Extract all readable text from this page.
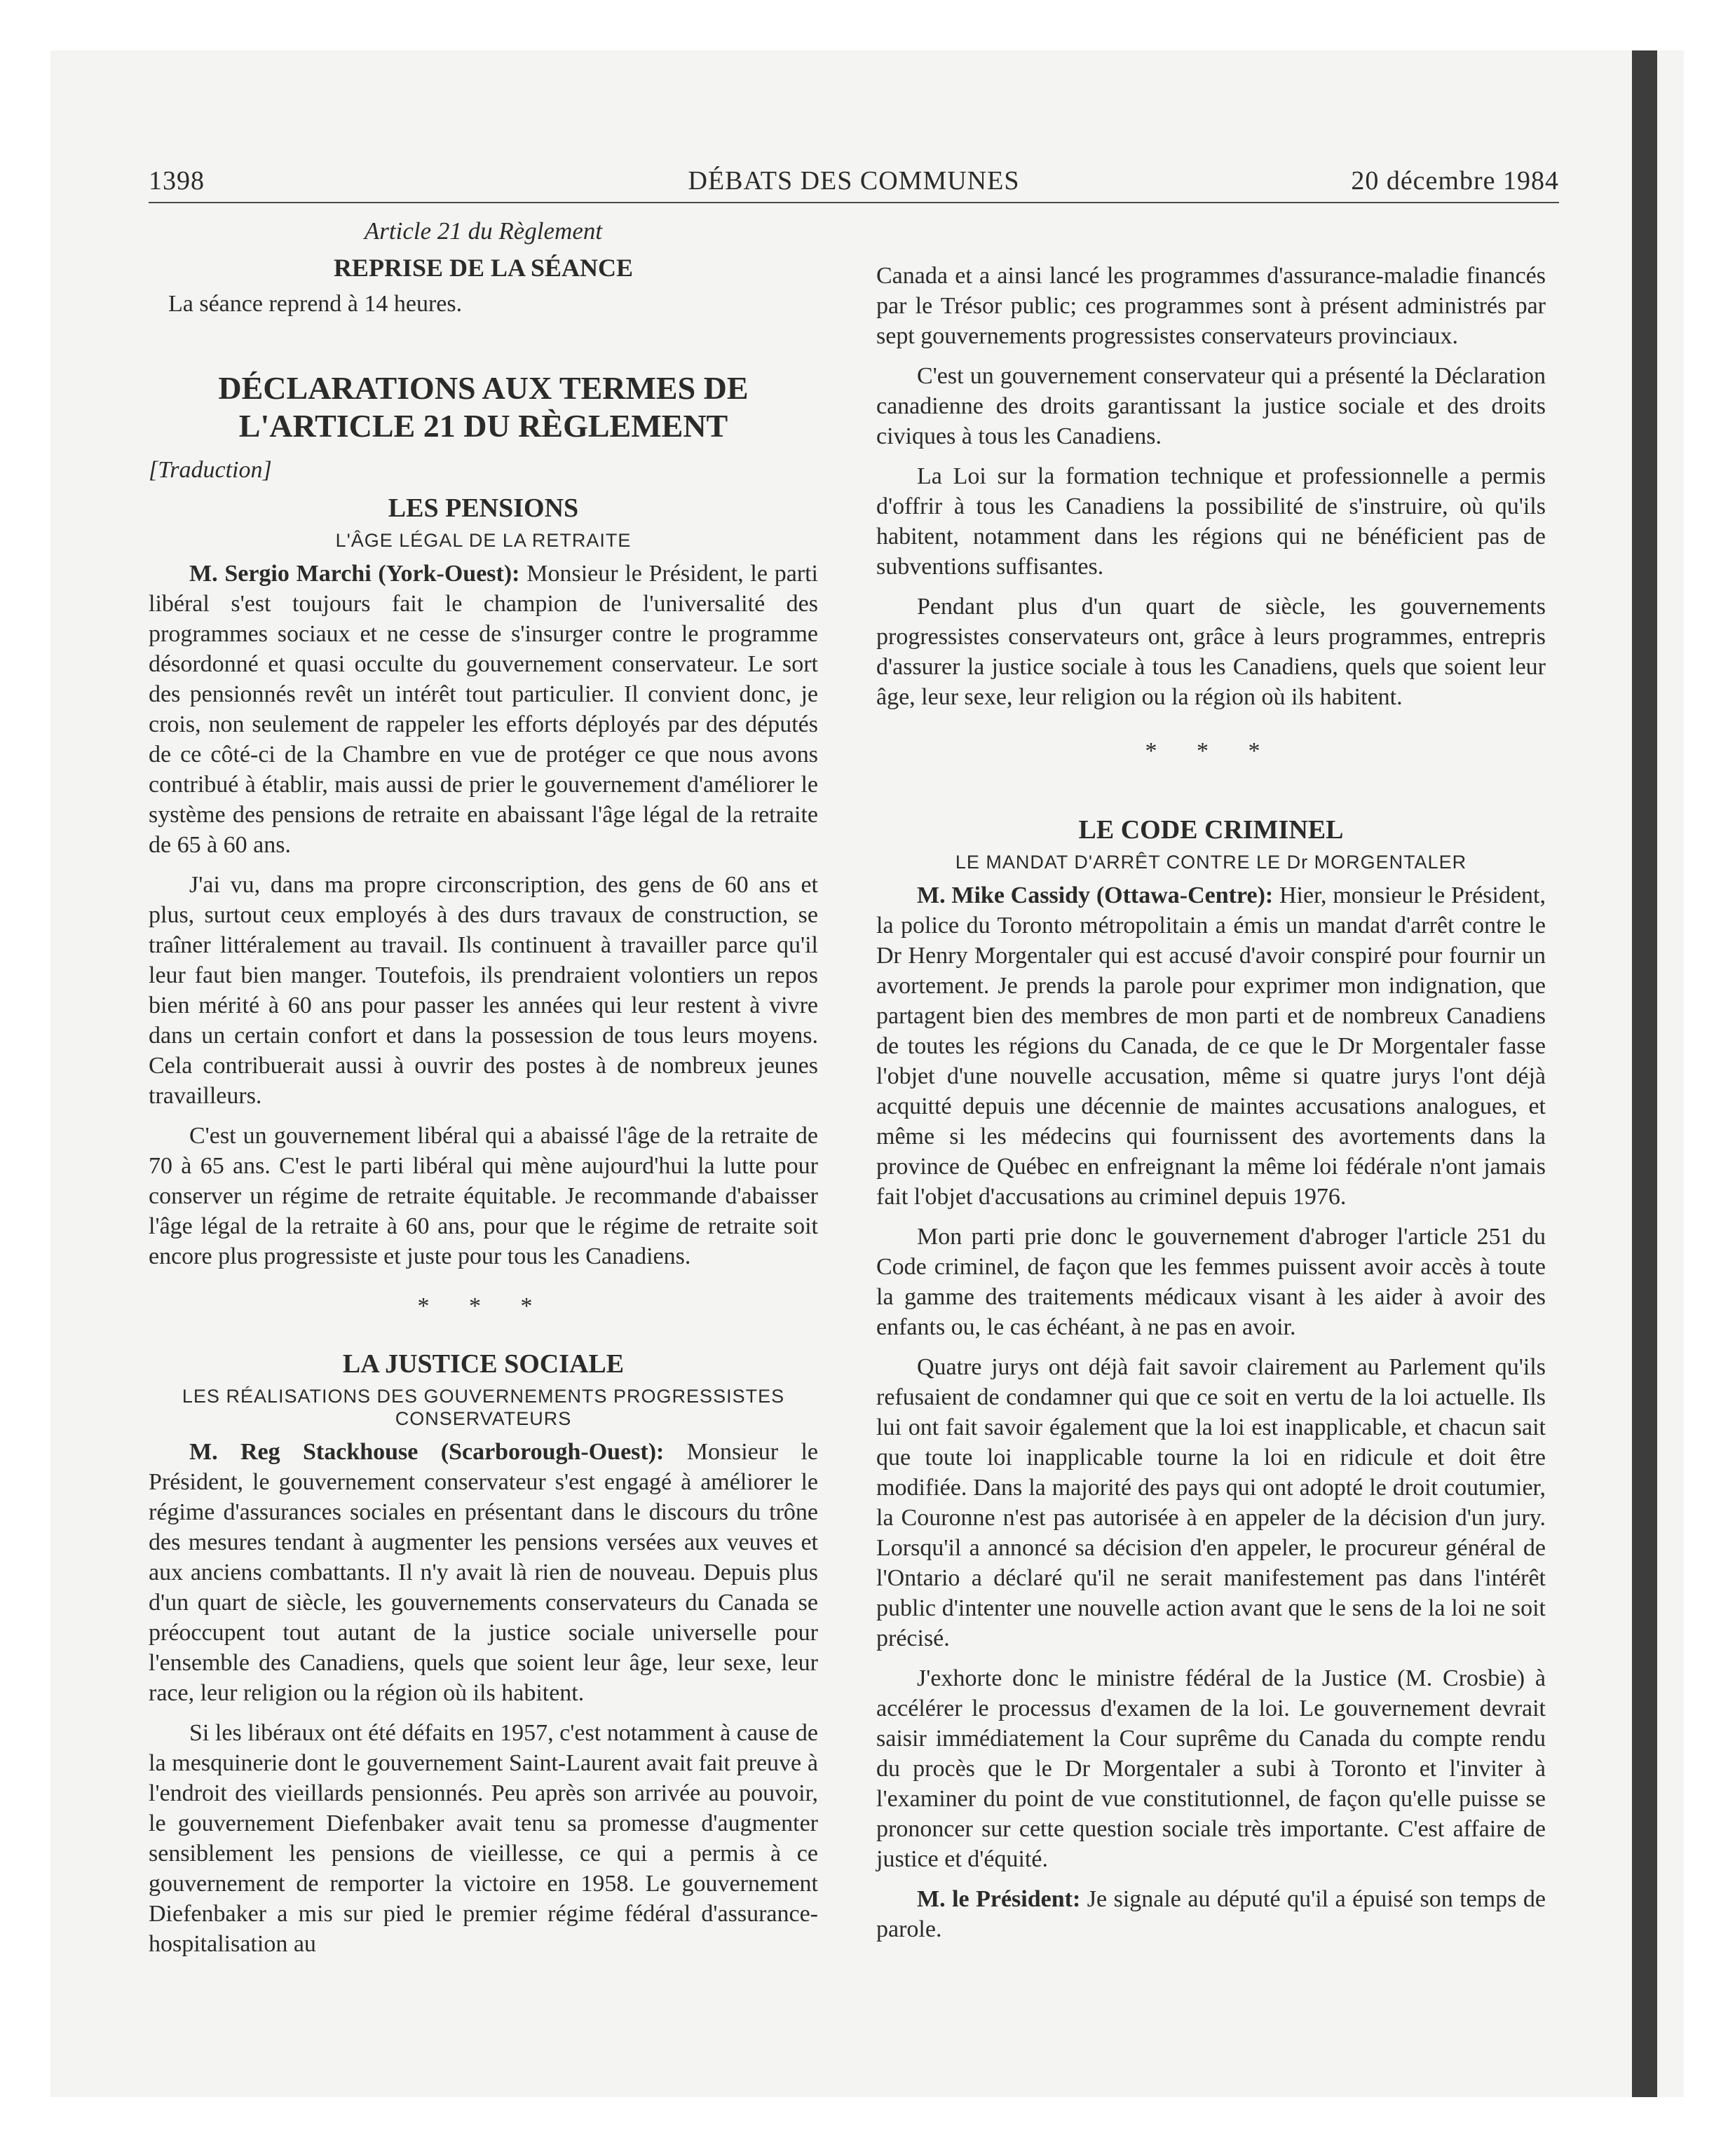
1398	DÉBATS DES COMMUNES	20 décembre 1984
Article 21 du Règlement
REPRISE DE LA SÉANCE

La séance reprend à 14 heures.

DÉCLARATIONS AUX TERMES DE
L'ARTICLE 21 DU RÈGLEMENT
[Traduction]
LES PENSIONS
L'ÂGE LÉGAL DE LA RETRAITE

M. Sergio Marchi (York-Ouest): Monsieur le Président, le parti libéral s'est toujours fait le champion de l'universalité des programmes sociaux et ne cesse de s'insurger contre le programme désordonné et quasi occulte du gouvernement conservateur. Le sort des pensionnés revêt un intérêt tout particulier. Il convient donc, je crois, non seulement de rappeler les efforts déployés par des députés de ce côté-ci de la Chambre en vue de protéger ce que nous avons contribué à établir, mais aussi de prier le gouvernement d'améliorer le système des pensions de retraite en abaissant l'âge légal de la retraite de 65 à 60 ans.

J'ai vu, dans ma propre circonscription, des gens de 60 ans et plus, surtout ceux employés à des durs travaux de construction, se traîner littéralement au travail. Ils continuent à travailler parce qu'il leur faut bien manger. Toutefois, ils prendraient volontiers un repos bien mérité à 60 ans pour passer les années qui leur restent à vivre dans un certain confort et dans la possession de tous leurs moyens. Cela contribuerait aussi à ouvrir des postes à de nombreux jeunes travailleurs.

C'est un gouvernement libéral qui a abaissé l'âge de la retraite de 70 à 65 ans. C'est le parti libéral qui mène aujourd'hui la lutte pour conserver un régime de retraite équitable. Je recommande d'abaisser l'âge légal de la retraite à 60 ans, pour que le régime de retraite soit encore plus progressiste et juste pour tous les Canadiens.

* * *
LA JUSTICE SOCIALE
LES RÉALISATIONS DES GOUVERNEMENTS PROGRESSISTES CONSERVATEURS

M. Reg Stackhouse (Scarborough-Ouest): Monsieur le Président, le gouvernement conservateur s'est engagé à améliorer le régime d'assurances sociales en présentant dans le discours du trône des mesures tendant à augmenter les pensions versées aux veuves et aux anciens combattants. Il n'y avait là rien de nouveau. Depuis plus d'un quart de siècle, les gouvernements conservateurs du Canada se préoccupent tout autant de la justice sociale universelle pour l'ensemble des Canadiens, quels que soient leur âge, leur sexe, leur race, leur religion ou la région où ils habitent.

Si les libéraux ont été défaits en 1957, c'est notamment à cause de la mesquinerie dont le gouvernement Saint-Laurent avait fait preuve à l'endroit des vieillards pensionnés. Peu après son arrivée au pouvoir, le gouvernement Diefenbaker avait tenu sa promesse d'augmenter sensiblement les pensions de vieillesse, ce qui a permis à ce gouvernement de remporter la victoire en 1958. Le gouvernement Diefenbaker a mis sur pied le premier régime fédéral d'assurance-hospitalisation au

Canada et a ainsi lancé les programmes d'assurance-maladie financés par le Trésor public; ces programmes sont à présent administrés par sept gouvernements progressistes conservateurs provinciaux.

C'est un gouvernement conservateur qui a présenté la Déclaration canadienne des droits garantissant la justice sociale et des droits civiques à tous les Canadiens.

La Loi sur la formation technique et professionnelle a permis d'offrir à tous les Canadiens la possibilité de s'instruire, où qu'ils habitent, notamment dans les régions qui ne bénéficient pas de subventions suffisantes.

Pendant plus d'un quart de siècle, les gouvernements progressistes conservateurs ont, grâce à leurs programmes, entrepris d'assurer la justice sociale à tous les Canadiens, quels que soient leur âge, leur sexe, leur religion ou la région où ils habitent.

* * *
LE CODE CRIMINEL
LE MANDAT D'ARRÊT CONTRE LE Dr MORGENTALER

M. Mike Cassidy (Ottawa-Centre): Hier, monsieur le Président, la police du Toronto métropolitain a émis un mandat d'arrêt contre le Dr Henry Morgentaler qui est accusé d'avoir conspiré pour fournir un avortement. Je prends la parole pour exprimer mon indignation, que partagent bien des membres de mon parti et de nombreux Canadiens de toutes les régions du Canada, de ce que le Dr Morgentaler fasse l'objet d'une nouvelle accusation, même si quatre jurys l'ont déjà acquitté depuis une décennie de maintes accusations analogues, et même si les médecins qui fournissent des avortements dans la province de Québec en enfreignant la même loi fédérale n'ont jamais fait l'objet d'accusations au criminel depuis 1976.

Mon parti prie donc le gouvernement d'abroger l'article 251 du Code criminel, de façon que les femmes puissent avoir accès à toute la gamme des traitements médicaux visant à les aider à avoir des enfants ou, le cas échéant, à ne pas en avoir.

Quatre jurys ont déjà fait savoir clairement au Parlement qu'ils refusaient de condamner qui que ce soit en vertu de la loi actuelle. Ils lui ont fait savoir également que la loi est inapplicable, et chacun sait que toute loi inapplicable tourne la loi en ridicule et doit être modifiée. Dans la majorité des pays qui ont adopté le droit coutumier, la Couronne n'est pas autorisée à en appeler de la décision d'un jury. Lorsqu'il a annoncé sa décision d'en appeler, le procureur général de l'Ontario a déclaré qu'il ne serait manifestement pas dans l'intérêt public d'intenter une nouvelle action avant que le sens de la loi ne soit précisé.

J'exhorte donc le ministre fédéral de la Justice (M. Crosbie) à accélérer le processus d'examen de la loi. Le gouvernement devrait saisir immédiatement la Cour suprême du Canada du compte rendu du procès que le Dr Morgentaler a subi à Toronto et l'inviter à l'examiner du point de vue constitutionnel, de façon qu'elle puisse se prononcer sur cette question sociale très importante. C'est affaire de justice et d'équité.

M. le Président: Je signale au député qu'il a épuisé son temps de parole.
